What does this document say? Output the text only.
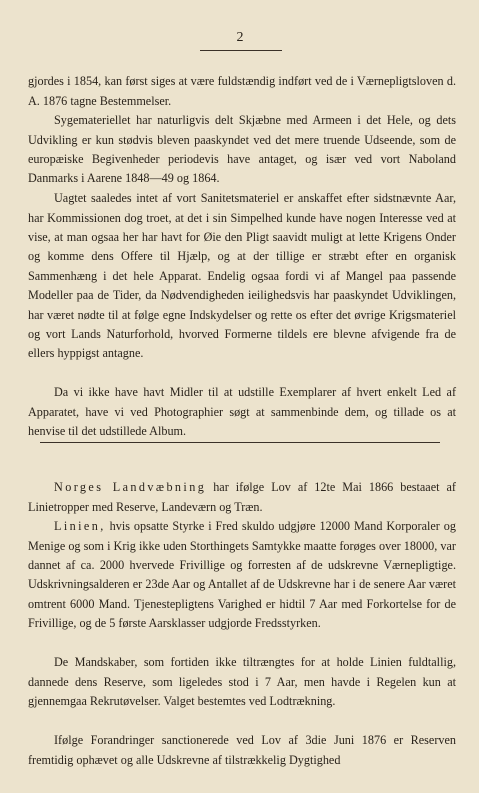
2

gjordes i 1854, kan først siges at være fuldstændig indført ved de i Værnepligtsloven d. A. 1876 tagne Bestemmelser.

Sygemateriellet har naturligvis delt Skjæbne med Armeen i det Hele, og dets Udvikling er kun stødvis bleven paaskyndet ved det mere truende Udseende, som de europæiske Begivenheder periodevis have antaget, og især ved vort Naboland Danmarks i Aarene 1848—49 og 1864.

Uagtet saaledes intet af vort Sanitetsmateriel er anskaffet efter sidstnævnte Aar, har Kommissionen dog troet, at det i sin Simpelhed kunde have nogen Interesse ved at vise, at man ogsaa her har havt for Øie den Pligt saavidt muligt at lette Krigens Onder og komme dens Offere til Hjælp, og at der tillige er stræbt efter en organisk Sammenhæng i det hele Apparat. Endelig ogsaa fordi vi af Mangel paa passende Modeller paa de Tider, da Nødvendigheden ieilighedsvis har paaskyndet Udviklingen, har været nødte til at følge egne Indskydelser og rette os efter det øvrige Krigsmateriel og vort Lands Naturforhold, hvorved Formerne tildels ere blevne afvigende fra de ellers hyppigst antagne.

Da vi ikke have havt Midler til at udstille Exemplarer af hvert enkelt Led af Apparatet, have vi ved Photographier søgt at sammenbinde dem, og tillade os at henvise til det udstillede Album.

Norges Landvæbning har ifølge Lov af 12te Mai 1866 bestaaet af Linietropper med Reserve, Landeværn og Træn.

Linien, hvis opsatte Styrke i Fred skuldo udgjøre 12000 Mand Korporaler og Menige og som i Krig ikke uden Storthingets Samtykke maatte forøges over 18000, var dannet af ca. 2000 hvervede Frivillige og forresten af de udskrevne Værnepligtige. Udskrivningsalderen er 23de Aar og Antallet af de Udskrevne har i de senere Aar været omtrent 6000 Mand. Tjenestepligtens Varighed er hidtil 7 Aar med Forkortelse for de Frivillige, og de 5 første Aarsklasser udgjorde Fredsstyrken.

De Mandskaber, som fortiden ikke tiltrængtes for at holde Linien fuldtallig, dannede dens Reserve, som ligeledes stod i 7 Aar, men havde i Regelen kun at gjennemgaa Rekrutøvelser. Valget bestemtes ved Lodtrækning.

Ifølge Forandringer sanctionerede ved Lov af 3die Juni 1876 er Reserven fremtidig ophævet og alle Udskrevne af tilstrækkelig Dygtighed
